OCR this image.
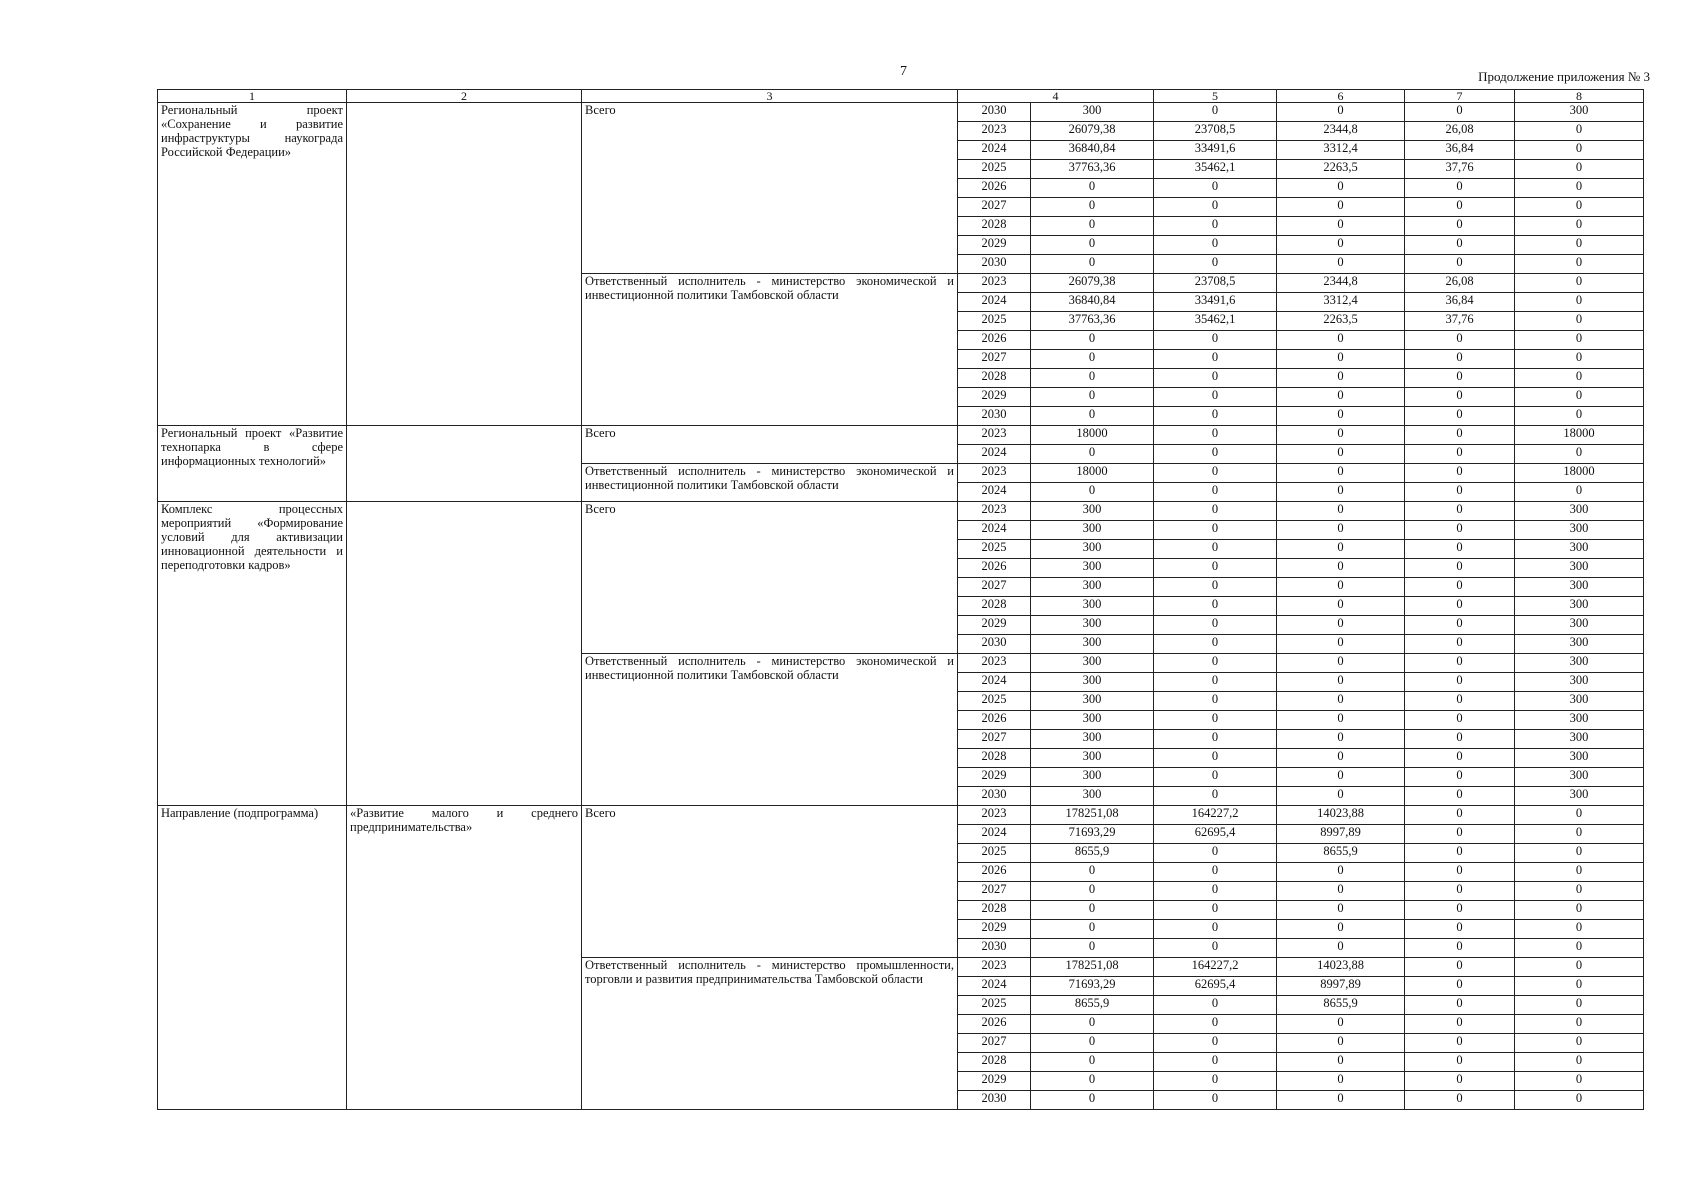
7	Продолжение приложения № 3
1	2	3	4		5	6	7	8
Региональный проект «Сохранение и развитие инфраструктуры наукограда Российской Федерации»		Всего	2030	300	0	0	0	300
			2023	26079,38	23708,5	2344,8	26,08	0
			2024	36840,84	33491,6	3312,4	36,84	0
			2025	37763,36	35462,1	2263,5	37,76	0
			2026	0	0	0	0	0
			2027	0	0	0	0	0
			2028	0	0	0	0	0
			2029	0	0	0	0	0
			2030	0	0	0	0	0
		Ответственный исполнитель - министерство экономической и инвестиционной политики Тамбовской области	2023	26079,38	23708,5	2344,8	26,08	0
			2024	36840,84	33491,6	3312,4	36,84	0
			2025	37763,36	35462,1	2263,5	37,76	0
			2026	0	0	0	0	0
			2027	0	0	0	0	0
			2028	0	0	0	0	0
			2029	0	0	0	0	0
			2030	0	0	0	0	0
Региональный проект «Развитие технопарка в сфере информационных технологий»		Всего	2023	18000	0	0	0	18000
			2024	0	0	0	0	0
		Ответственный исполнитель - министерство экономической и инвестиционной политики Тамбовской области	2023	18000	0	0	0	18000
			2024	0	0	0	0	0
Комплекс процессных мероприятий «Формирование условий для активизации инновационной деятельности и переподготовки кадров»		Всего	2023	300	0	0	0	300
			2024	300	0	0	0	300
			2025	300	0	0	0	300
			2026	300	0	0	0	300
			2027	300	0	0	0	300
			2028	300	0	0	0	300
			2029	300	0	0	0	300
			2030	300	0	0	0	300
		Ответственный исполнитель - министерство экономической и инвестиционной политики Тамбовской области	2023	300	0	0	0	300
			2024	300	0	0	0	300
			2025	300	0	0	0	300
			2026	300	0	0	0	300
			2027	300	0	0	0	300
			2028	300	0	0	0	300
			2029	300	0	0	0	300
			2030	300	0	0	0	300
Направление (подпрограмма)	«Развитие малого и среднего предпринимательства»	Всего	2023	178251,08	164227,2	14023,88	0	0
			2024	71693,29	62695,4	8997,89	0	0
			2025	8655,9	0	8655,9	0	0
			2026	0	0	0	0	0
			2027	0	0	0	0	0
			2028	0	0	0	0	0
			2029	0	0	0	0	0
			2030	0	0	0	0	0
		Ответственный исполнитель - министерство промышленности, торговли и развития предпринимательства Тамбовской области	2023	178251,08	164227,2	14023,88	0	0
			2024	71693,29	62695,4	8997,89	0	0
			2025	8655,9	0	8655,9	0	0
			2026	0	0	0	0	0
			2027	0	0	0	0	0
			2028	0	0	0	0	0
			2029	0	0	0	0	0
			2030	0	0	0	0	0
